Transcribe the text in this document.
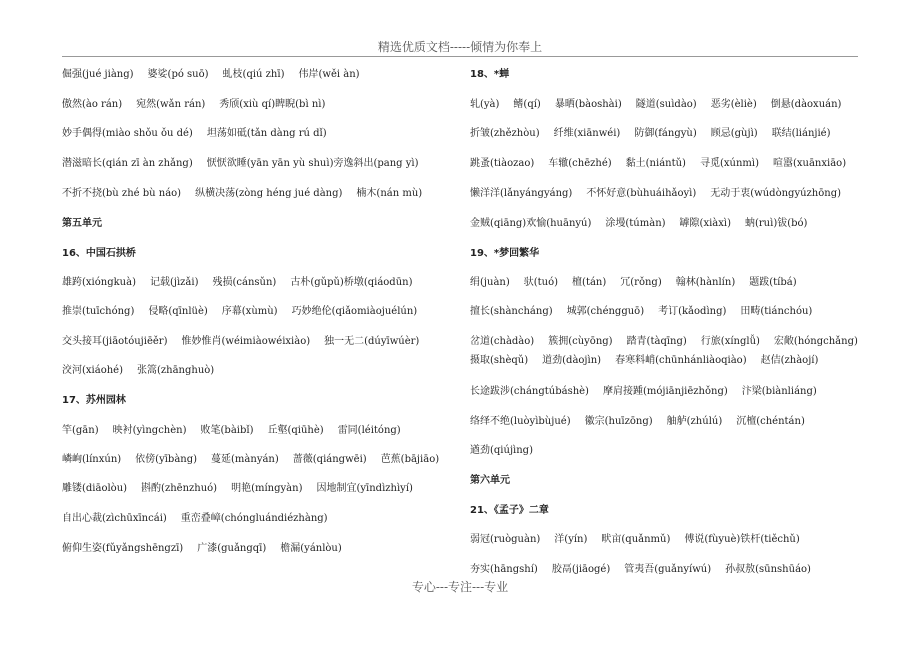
精选优质文档-----倾情为你奉上
倔强(jué jiàng) 婆娑(pó suō) 虬枝(qiú zhī) 伟岸(wěi àn)
傲然(ào rán) 宛然(wǎn rán) 秀颀(xiù qí)睥睨(bì nì)
妙手偶得(miào shǒu ǒu dé) 坦荡如砥(tǎn dàng rú dǐ)
潜滋暗长(qián zī àn zhǎng) 恹恹欲睡(yān yān yù shuì)旁逸斜出(pang yì)
不折不挠(bù zhé bù náo) 纵横决荡(zòng héng jué dàng) 楠木(nán mù)
第五单元
16、中国石拱桥
雄跨(xióngkuà) 记载(jìzǎi) 残损(cánsǔn) 古朴(gǔpǔ)桥墩(qiáodūn)
推崇(tuīchóng) 侵略(qīnlüè) 序幕(xùmù) 巧妙绝伦(qiǎomiàojuélún)
交头接耳(jiāotóujiēěr) 惟妙惟肖(wéimiàowéixiào) 独一无二(dúyīwúèr)
洨河(xiáohé) 张篙(zhānghuò)
17、苏州园林
竿(gān) 映衬(yìngchèn) 败笔(bàibǐ) 丘壑(qiūhè) 雷同(léitóng)
嶙峋(línxún) 依傍(yībàng) 蔓延(mànyán) 蔷薇(qiángwēi) 芭蕉(bājiāo)
雕镂(diāolòu) 斟酌(zhēnzhuó) 明艳(míngyàn) 因地制宜(yīndìzhìyí)
自出心裁(zìchūxīncái) 重峦叠嶂(chóngluándiézhàng)
俯仰生姿(fǔyǎngshēngzī) 广漆(guǎngqī) 檐漏(yánlòu)
18、*蝉
轧(yà) 鳍(qí) 暴晒(bàoshài) 隧道(suìdào) 恶劣(èliè) 倒悬(dàoxuán)
折皱(zhězhòu) 纤维(xiānwéi) 防御(fángyù) 顾忌(gùjì) 联结(liánjié)
跳蚤(tiàozao) 车辙(chēzhé) 黏土(niántǔ) 寻觅(xúnmì) 喧嚣(xuānxiāo)
懒洋洋(lǎnyángyáng) 不怀好意(bùhuáihǎoyì) 无动于衷(wúdòngyúzhōng)
金贼(qiāng)欢愉(huānyú) 涂墁(túmàn) 罅隙(xiàxì) 蚋(ruì)钹(bó)
19、*梦回繁华
绢(juàn) 驮(tuó) 檀(tán) 冗(rǒng) 翰林(hànlín) 题跋(tíbá)
擅长(shàncháng) 城郭(chéngguō) 考订(kǎodìng) 田畴(tiánchóu)
岔道(chàdào) 簇拥(cùyōng) 踏青(tàqīng) 行旅(xínglǚ) 宏敞(hóngchǎng)
摄取(shèqǔ) 道劲(dàojìn) 春寒料峭(chūnhánliàoqiào) 赵佶(zhàojí)
长途跋涉(chángtúbáshè) 摩肩接踵(mójiānjiēzhǒng) 汴梁(biànliáng)
络绎不绝(luòyìbùjué) 徽宗(huīzōng) 舳舻(zhúlú) 沉檀(chéntán)
遒劲(qiújìng)
第六单元
21、《孟子》二章
弱冠(ruòguàn) 洋(yín) 畎亩(quǎnmǔ) 傅说(fùyuè)铁杆(tiěchǔ)
夯实(hāngshí) 胶鬲(jiāogé) 管夷吾(guǎnyíwú) 孙叔敖(sūnshūáo)
专心---专注---专业
